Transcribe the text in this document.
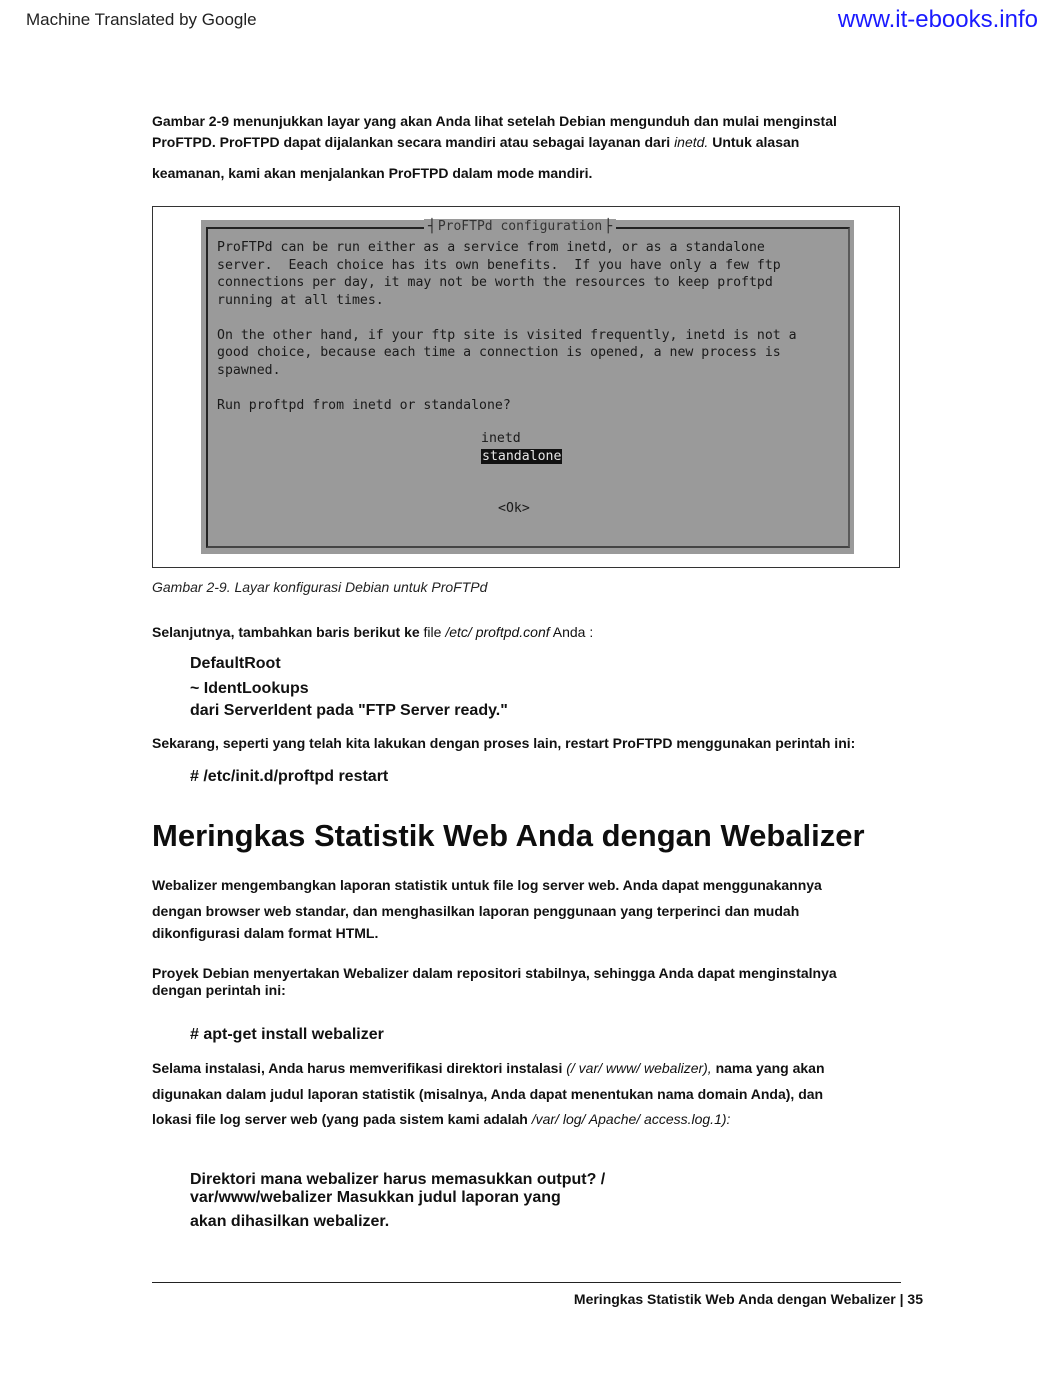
Machine Translated by Google	www.it-ebooks.info

Gambar 2-9 menunjukkan layar yang akan Anda lihat setelah Debian mengunduh dan mulai menginstal
ProFTPD. ProFTPD dapat dijalankan secara mandiri atau sebagai layanan dari inetd. Untuk alasan
keamanan, kami akan menjalankan ProFTPD dalam mode mandiri.

┤ ProFTPd configuration ├
ProFTPd can be run either as a service from inetd, or as a standalone
server.  Eeach choice has its own benefits.  If you have only a few ftp
connections per day, it may not be worth the resources to keep proftpd
running at all times.
On the other hand, if your ftp site is visited frequently, inetd is not a
good choice, because each time a connection is opened, a new process is
spawned.
Run proftpd from inetd or standalone?
inetd
standalone
<Ok>
Gambar 2-9. Layar konfigurasi Debian untuk ProFTPd

Selanjutnya, tambahkan baris berikut ke file /etc/ proftpd.conf Anda :

DefaultRoot
~ IdentLookups
dari ServerIdent pada "FTP Server ready."

Sekarang, seperti yang telah kita lakukan dengan proses lain, restart ProFTPD menggunakan perintah ini:

# /etc/init.d/proftpd restart
Meringkas Statistik Web Anda dengan Webalizer

Webalizer mengembangkan laporan statistik untuk file log server web. Anda dapat menggunakannya
dengan browser web standar, dan menghasilkan laporan penggunaan yang terperinci dan mudah
dikonfigurasi dalam format HTML.

Proyek Debian menyertakan Webalizer dalam repositori stabilnya, sehingga Anda dapat menginstalnya
dengan perintah ini:

# apt-get install webalizer

Selama instalasi, Anda harus memverifikasi direktori instalasi (/ var/ www/ webalizer), nama yang akan
digunakan dalam judul laporan statistik (misalnya, Anda dapat menentukan nama domain Anda), dan
lokasi file log server web (yang pada sistem kami adalah /var/ log/ Apache/ access.log.1):

Direktori mana webalizer harus memasukkan output? /
var/www/webalizer Masukkan judul laporan yang
akan dihasilkan webalizer.
Meringkas Statistik Web Anda dengan Webalizer | 35
